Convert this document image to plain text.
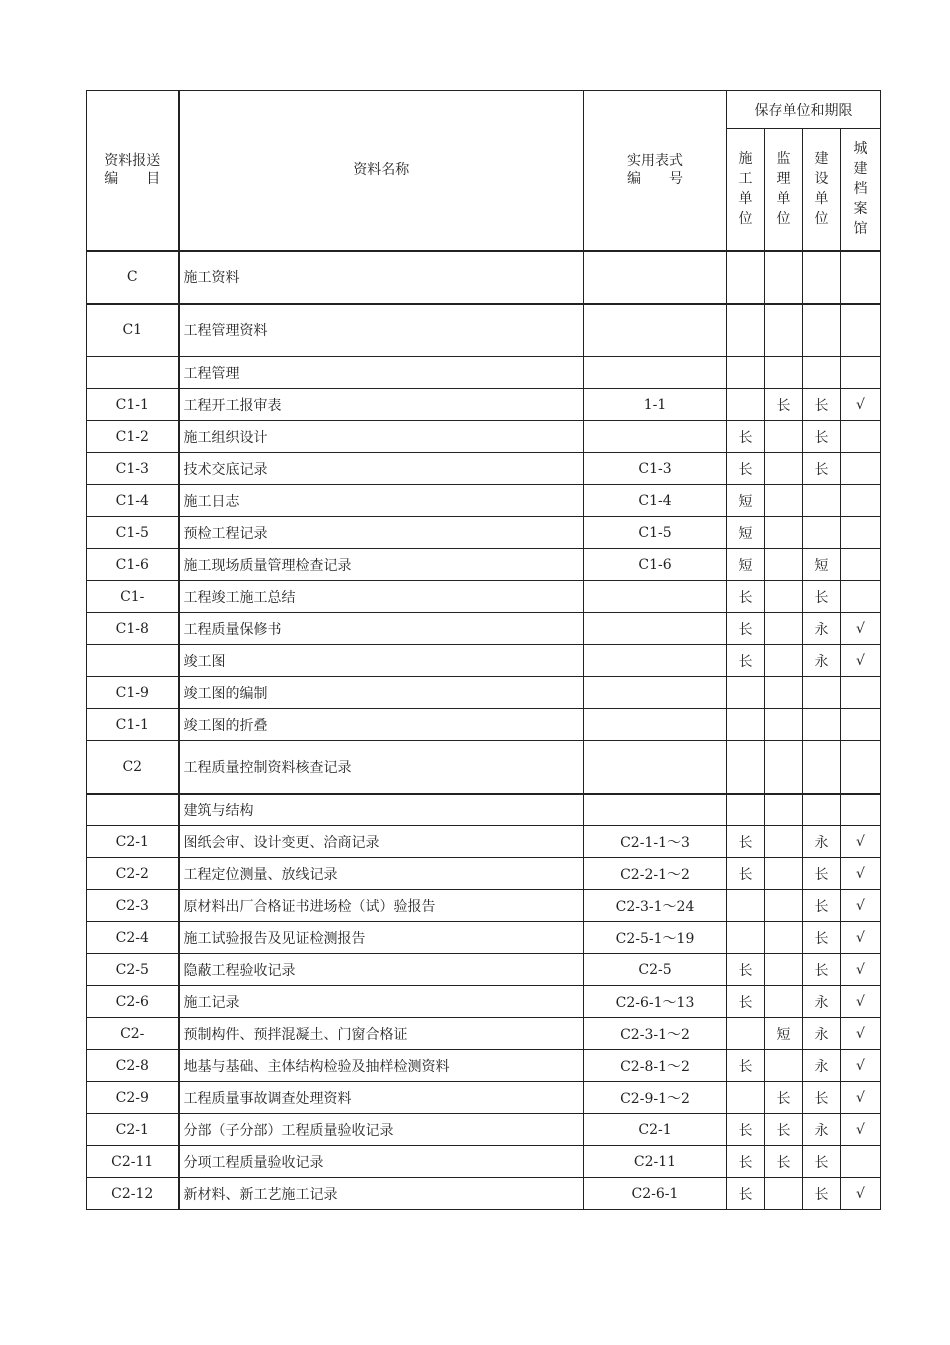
资料报送
编　　目	资料名称	实用表式
编　　号	保存单位和期限			
			施工单位	监理单位	建设单位	城建档案馆
C	施工资料					
C1	工程管理资料					
	工程管理					
C1-1	工程开工报审表	1-1		长	长	√
C1-2	施工组织设计		长		长	
C1-3	技术交底记录	C1-3	长		长	
C1-4	施工日志	C1-4	短			
C1-5	预检工程记录	C1-5	短			
C1-6	施工现场质量管理检查记录	C1-6	短		短	
C1-	工程竣工施工总结		长		长	
C1-8	工程质量保修书		长		永	√
	竣工图		长		永	√
C1-9	竣工图的编制					
C1-1	竣工图的折叠					
C2	工程质量控制资料核查记录					
	建筑与结构					
C2-1	图纸会审、设计变更、洽商记录	C2-1-1～3	长		永	√
C2-2	工程定位测量、放线记录	C2-2-1～2	长		长	√
C2-3	原材料出厂合格证书进场检（试）验报告	C2-3-1～24			长	√
C2-4	施工试验报告及见证检测报告	C2-5-1～19			长	√
C2-5	隐蔽工程验收记录	C2-5	长		长	√
C2-6	施工记录	C2-6-1～13	长		永	√
C2-	预制构件、预拌混凝土、门窗合格证	C2-3-1～2		短	永	√
C2-8	地基与基础、主体结构检验及抽样检测资料	C2-8-1～2	长		永	√
C2-9	工程质量事故调查处理资料	C2-9-1～2		长	长	√
C2-1	分部（子分部）工程质量验收记录	C2-1	长	长	永	√
C2-11	分项工程质量验收记录	C2-11	长	长	长	
C2-12	新材料、新工艺施工记录	C2-6-1	长		长	√
